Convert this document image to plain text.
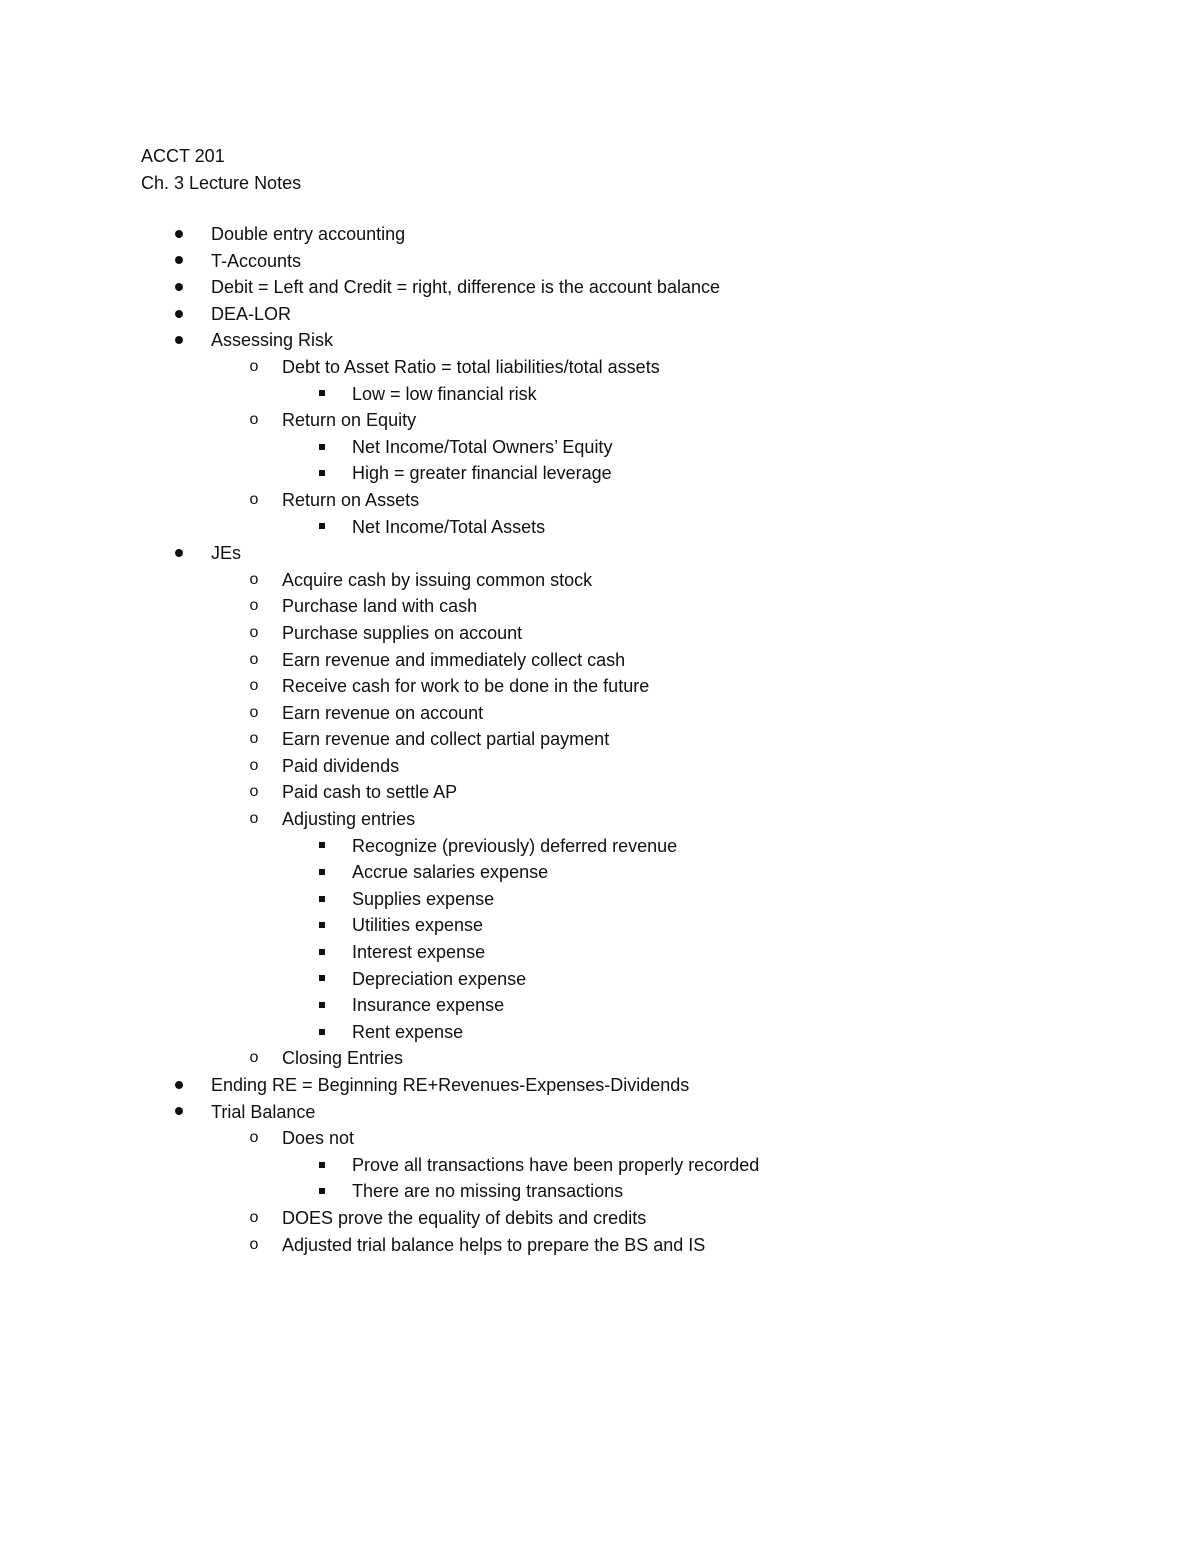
ACCT 201
Ch. 3 Lecture Notes
Double entry accounting
T-Accounts
Debit = Left and Credit = right, difference is the account balance
DEA-LOR
Assessing Risk
o Debt to Asset Ratio = total liabilities/total assets
Low = low financial risk
o Return on Equity
Net Income/Total Owners’ Equity
High = greater financial leverage
o Return on Assets
Net Income/Total Assets
JEs
o Acquire cash by issuing common stock
o Purchase land with cash
o Purchase supplies on account
o Earn revenue and immediately collect cash
o Receive cash for work to be done in the future
o Earn revenue on account
o Earn revenue and collect partial payment
o Paid dividends
o Paid cash to settle AP
o Adjusting entries
Recognize (previously) deferred revenue
Accrue salaries expense
Supplies expense
Utilities expense
Interest expense
Depreciation expense
Insurance expense
Rent expense
o Closing Entries
Ending RE = Beginning RE+Revenues-Expenses-Dividends
Trial Balance
o Does not
Prove all transactions have been properly recorded
There are no missing transactions
o DOES prove the equality of debits and credits
o Adjusted trial balance helps to prepare the BS and IS
